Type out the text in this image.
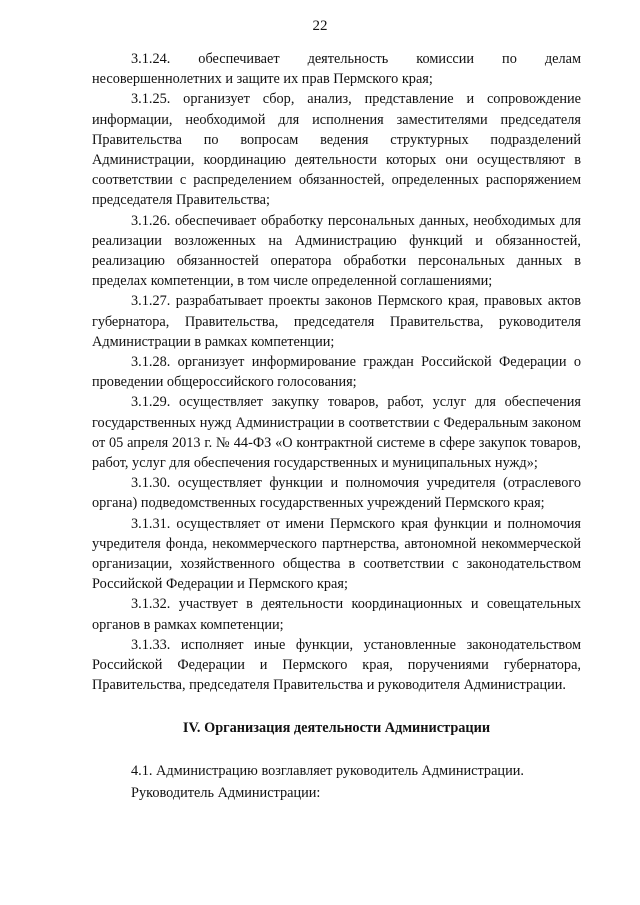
22

3.1.24. обеспечивает деятельность комиссии по делам несовершеннолетних и защите их прав Пермского края;

3.1.25. организует сбор, анализ, представление и сопровождение информации, необходимой для исполнения заместителями председателя Правительства по вопросам ведения структурных подразделений Администрации, координацию деятельности которых они осуществляют в соответствии с распределением обязанностей, определенных распоряжением председателя Правительства;

3.1.26. обеспечивает обработку персональных данных, необходимых для реализации возложенных на Администрацию функций и обязанностей, реализацию обязанностей оператора обработки персональных данных в пределах компетенции, в том числе определенной соглашениями;

3.1.27. разрабатывает проекты законов Пермского края, правовых актов губернатора, Правительства, председателя Правительства, руководителя Администрации в рамках компетенции;

3.1.28. организует информирование граждан Российской Федерации о проведении общероссийского голосования;

3.1.29. осуществляет закупку товаров, работ, услуг для обеспечения государственных нужд Администрации в соответствии с Федеральным законом от 05 апреля 2013 г. № 44-ФЗ «О контрактной системе в сфере закупок товаров, работ, услуг для обеспечения государственных и муниципальных нужд»;

3.1.30. осуществляет функции и полномочия учредителя (отраслевого органа) подведомственных государственных учреждений Пермского края;

3.1.31. осуществляет от имени Пермского края функции и полномочия учредителя фонда, некоммерческого партнерства, автономной некоммерческой организации, хозяйственного общества в соответствии с законодательством Российской Федерации и Пермского края;

3.1.32. участвует в деятельности координационных и совещательных органов в рамках компетенции;

3.1.33. исполняет иные функции, установленные законодательством Российской Федерации и Пермского края, поручениями губернатора, Правительства, председателя Правительства и руководителя Администрации.

IV. Организация деятельности Администрации

4.1. Администрацию возглавляет руководитель Администрации.

Руководитель Администрации:
